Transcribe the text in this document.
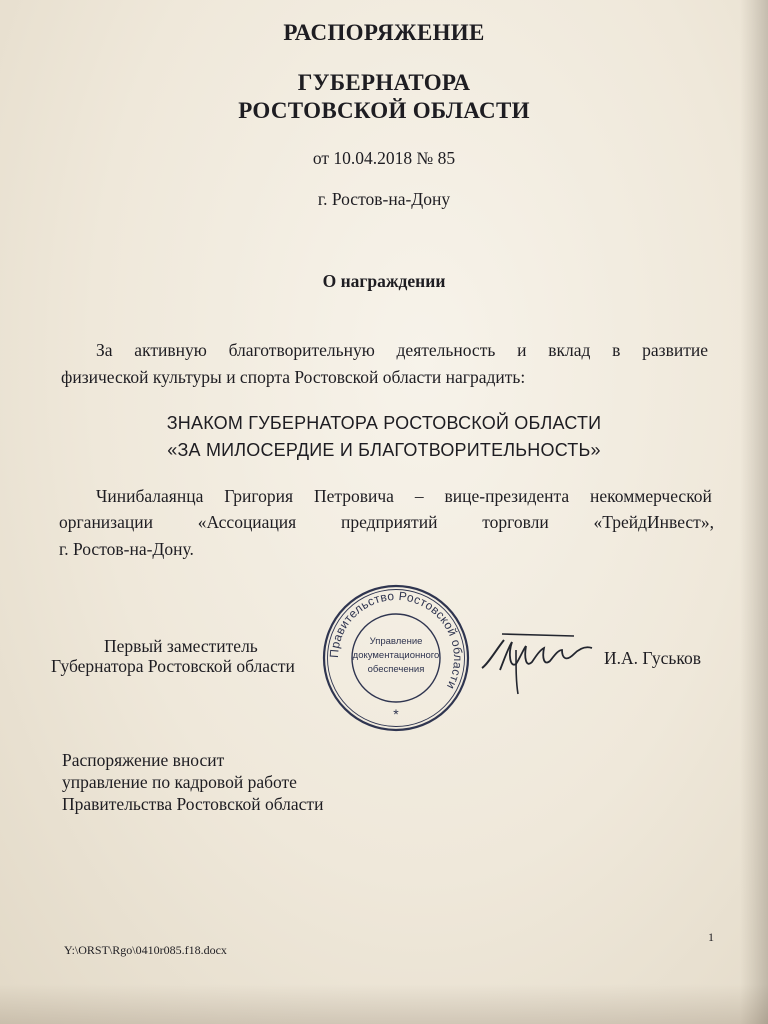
РАСПОРЯЖЕНИЕ
ГУБЕРНАТОРА
РОСТОВСКОЙ ОБЛАСТИ
от 10.04.2018 № 85
г. Ростов-на-Дону
О награждении
За активную благотворительную деятельность и вклад в развитие
физической культуры и спорта Ростовской области наградить:
ЗНАКОМ ГУБЕРНАТОРА РОСТОВСКОЙ ОБЛАСТИ
«ЗА МИЛОСЕРДИЕ И БЛАГОТВОРИТЕЛЬНОСТЬ»
Чинибалаянца Григория Петровича – вице-президента некоммерческой
организации	«Ассоциация	предприятий	торговли	«ТрейдИнвест»,
г. Ростов-на-Дону.
Первый заместитель
Губернатора Ростовской области
Правительство Ростовской области
Управление
документационного
обеспечения
*
И.А. Гуськов
Распоряжение вносит
управление по кадровой работе
Правительства Ростовской области
Y:\ORST\Rgo\0410r085.f18.docx
1
